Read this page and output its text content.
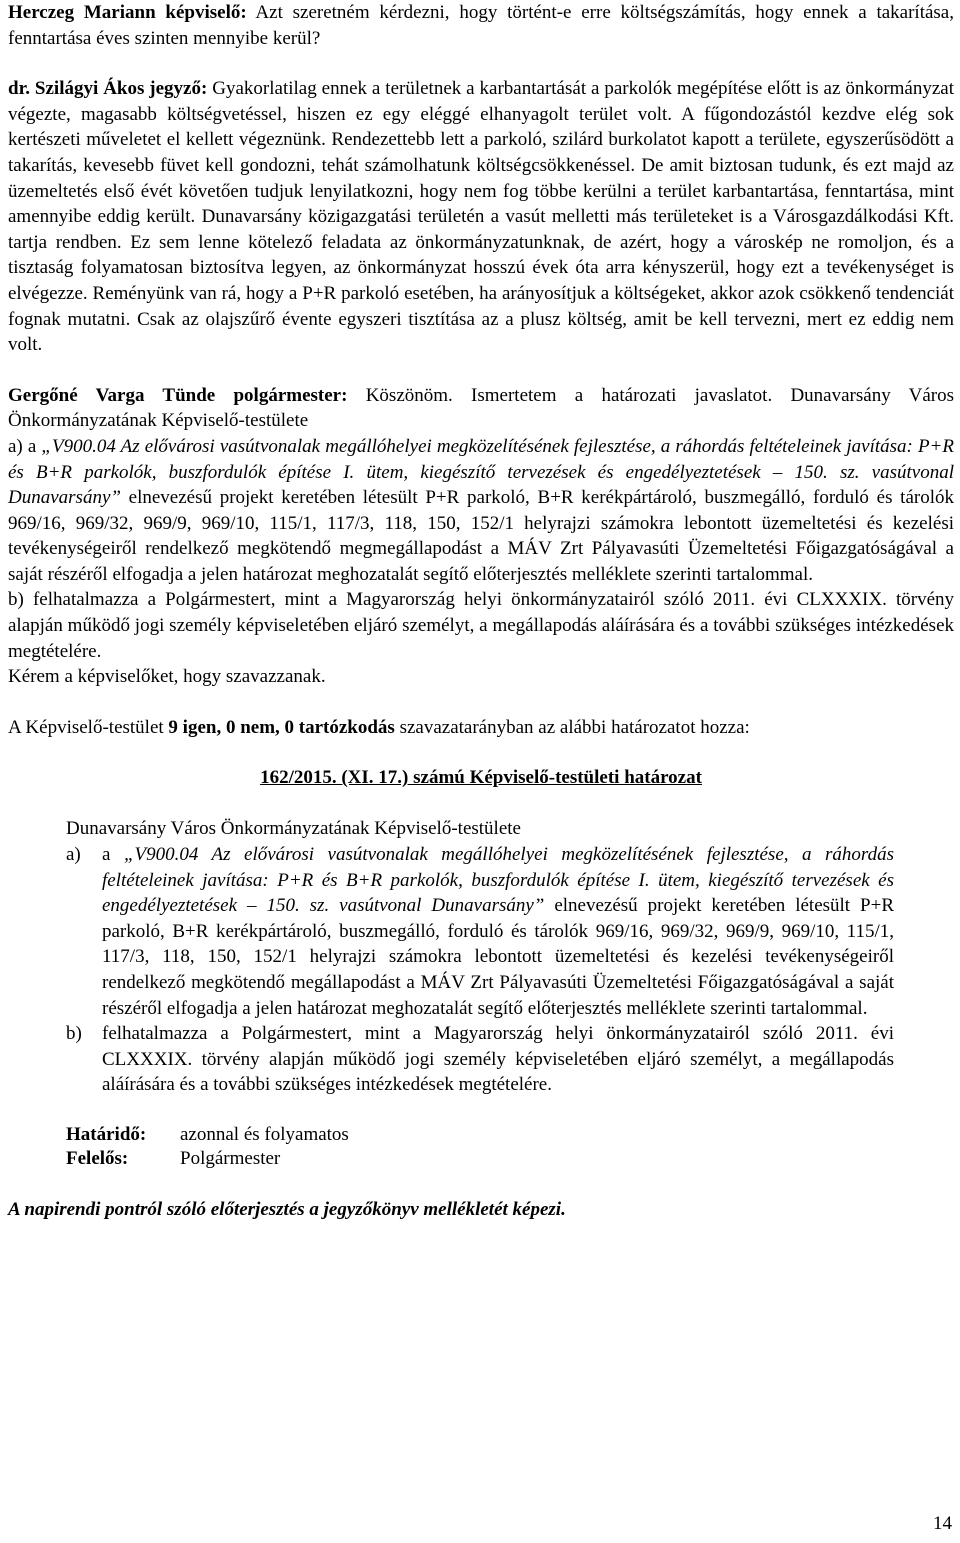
Herczeg Mariann képviselő: Azt szeretném kérdezni, hogy történt-e erre költségszámítás, hogy ennek a takarítása, fenntartása éves szinten mennyibe kerül?

dr. Szilágyi Ákos jegyző: Gyakorlatilag ennek a területnek a karbantartását a parkolók megépítése előtt is az önkormányzat végezte, magasabb költségvetéssel, hiszen ez egy eléggé elhanyagolt terület volt. A fűgondozástól kezdve elég sok kertészeti műveletet el kellett végeznünk. Rendezettebb lett a parkoló, szilárd burkolatot kapott a területe, egyszerűsödött a takarítás, kevesebb füvet kell gondozni, tehát számolhatunk költségcsökkenéssel. De amit biztosan tudunk, és ezt majd az üzemeltetés első évét követően tudjuk lenyilatkozni, hogy nem fog többe kerülni a terület karbantartása, fenntartása, mint amennyibe eddig került. Dunavarsány közigazgatási területén a vasút melletti más területeket is a Városgazdálkodási Kft. tartja rendben. Ez sem lenne kötelező feladata az önkormányzatunknak, de azért, hogy a városkép ne romoljon, és a tisztaság folyamatosan biztosítva legyen, az önkormányzat hosszú évek óta arra kényszerül, hogy ezt a tevékenységet is elvégezze. Reményünk van rá, hogy a P+R parkoló esetében, ha arányosítjuk a költségeket, akkor azok csökkenő tendenciát fognak mutatni. Csak az olajszűrő évente egyszeri tisztítása az a plusz költség, amit be kell tervezni, mert ez eddig nem volt.

Gergőné Varga Tünde polgármester: Köszönöm. Ismertetem a határozati javaslatot. Dunavarsány Város Önkormányzatának Képviselő-testülete

a) a „V900.04 Az elővárosi vasútvonalak megállóhelyei megközelítésének fejlesztése, a ráhordás feltételeinek javítása: P+R és B+R parkolók, buszfordulók építése I. ütem, kiegészítő tervezések és engedélyeztetések – 150. sz. vasútvonal Dunavarsány” elnevezésű projekt keretében létesült P+R parkoló, B+R kerékpártároló, buszmegálló, forduló és tárolók 969/16, 969/32, 969/9, 969/10, 115/1, 117/3, 118, 150, 152/1 helyrajzi számokra lebontott üzemeltetési és kezelési tevékenységeiről rendelkező megkötendő megmegállapodást a MÁV Zrt Pályavasúti Üzemeltetési Főigazgatóságával a saját részéről elfogadja a jelen határozat meghozatalát segítő előterjesztés melléklete szerinti tartalommal.

b) felhatalmazza a Polgármestert, mint a Magyarország helyi önkormányzatairól szóló 2011. évi CLXXXIX. törvény alapján működő jogi személy képviseletében eljáró személyt, a megállapodás aláírására és a további szükséges intézkedések megtételére.

Kérem a képviselőket, hogy szavazzanak.

A Képviselő-testület 9 igen, 0 nem, 0 tartózkodás szavazatarányban az alábbi határozatot hozza:

162/2015. (XI. 17.) számú Képviselő-testületi határozat

Dunavarsány Város Önkormányzatának Képviselő-testülete

a)	a „V900.04 Az elővárosi vasútvonalak megállóhelyei megközelítésének fejlesztése, a ráhordás feltételeinek javítása: P+R és B+R parkolók, buszfordulók építése I. ütem, kiegészítő tervezések és engedélyeztetések – 150. sz. vasútvonal Dunavarsány” elnevezésű projekt keretében létesült P+R parkoló, B+R kerékpártároló, buszmegálló, forduló és tárolók 969/16, 969/32, 969/9, 969/10, 115/1, 117/3, 118, 150, 152/1 helyrajzi számokra lebontott üzemeltetési és kezelési tevékenységeiről rendelkező megkötendő megállapodást a MÁV Zrt Pályavasúti Üzemeltetési Főigazgatóságával a saját részéről elfogadja a jelen határozat meghozatalát segítő előterjesztés melléklete szerinti tartalommal.
b)	felhatalmazza a Polgármestert, mint a Magyarország helyi önkormányzatairól szóló 2011. évi CLXXXIX. törvény alapján működő jogi személy képviseletében eljáró személyt, a megállapodás aláírására és a további szükséges intézkedések megtételére.
Határidő:	azonnal és folyamatos
Felelős:	Polgármester

A napirendi pontról szóló előterjesztés a jegyzőkönyv mellékletét képezi.

14
